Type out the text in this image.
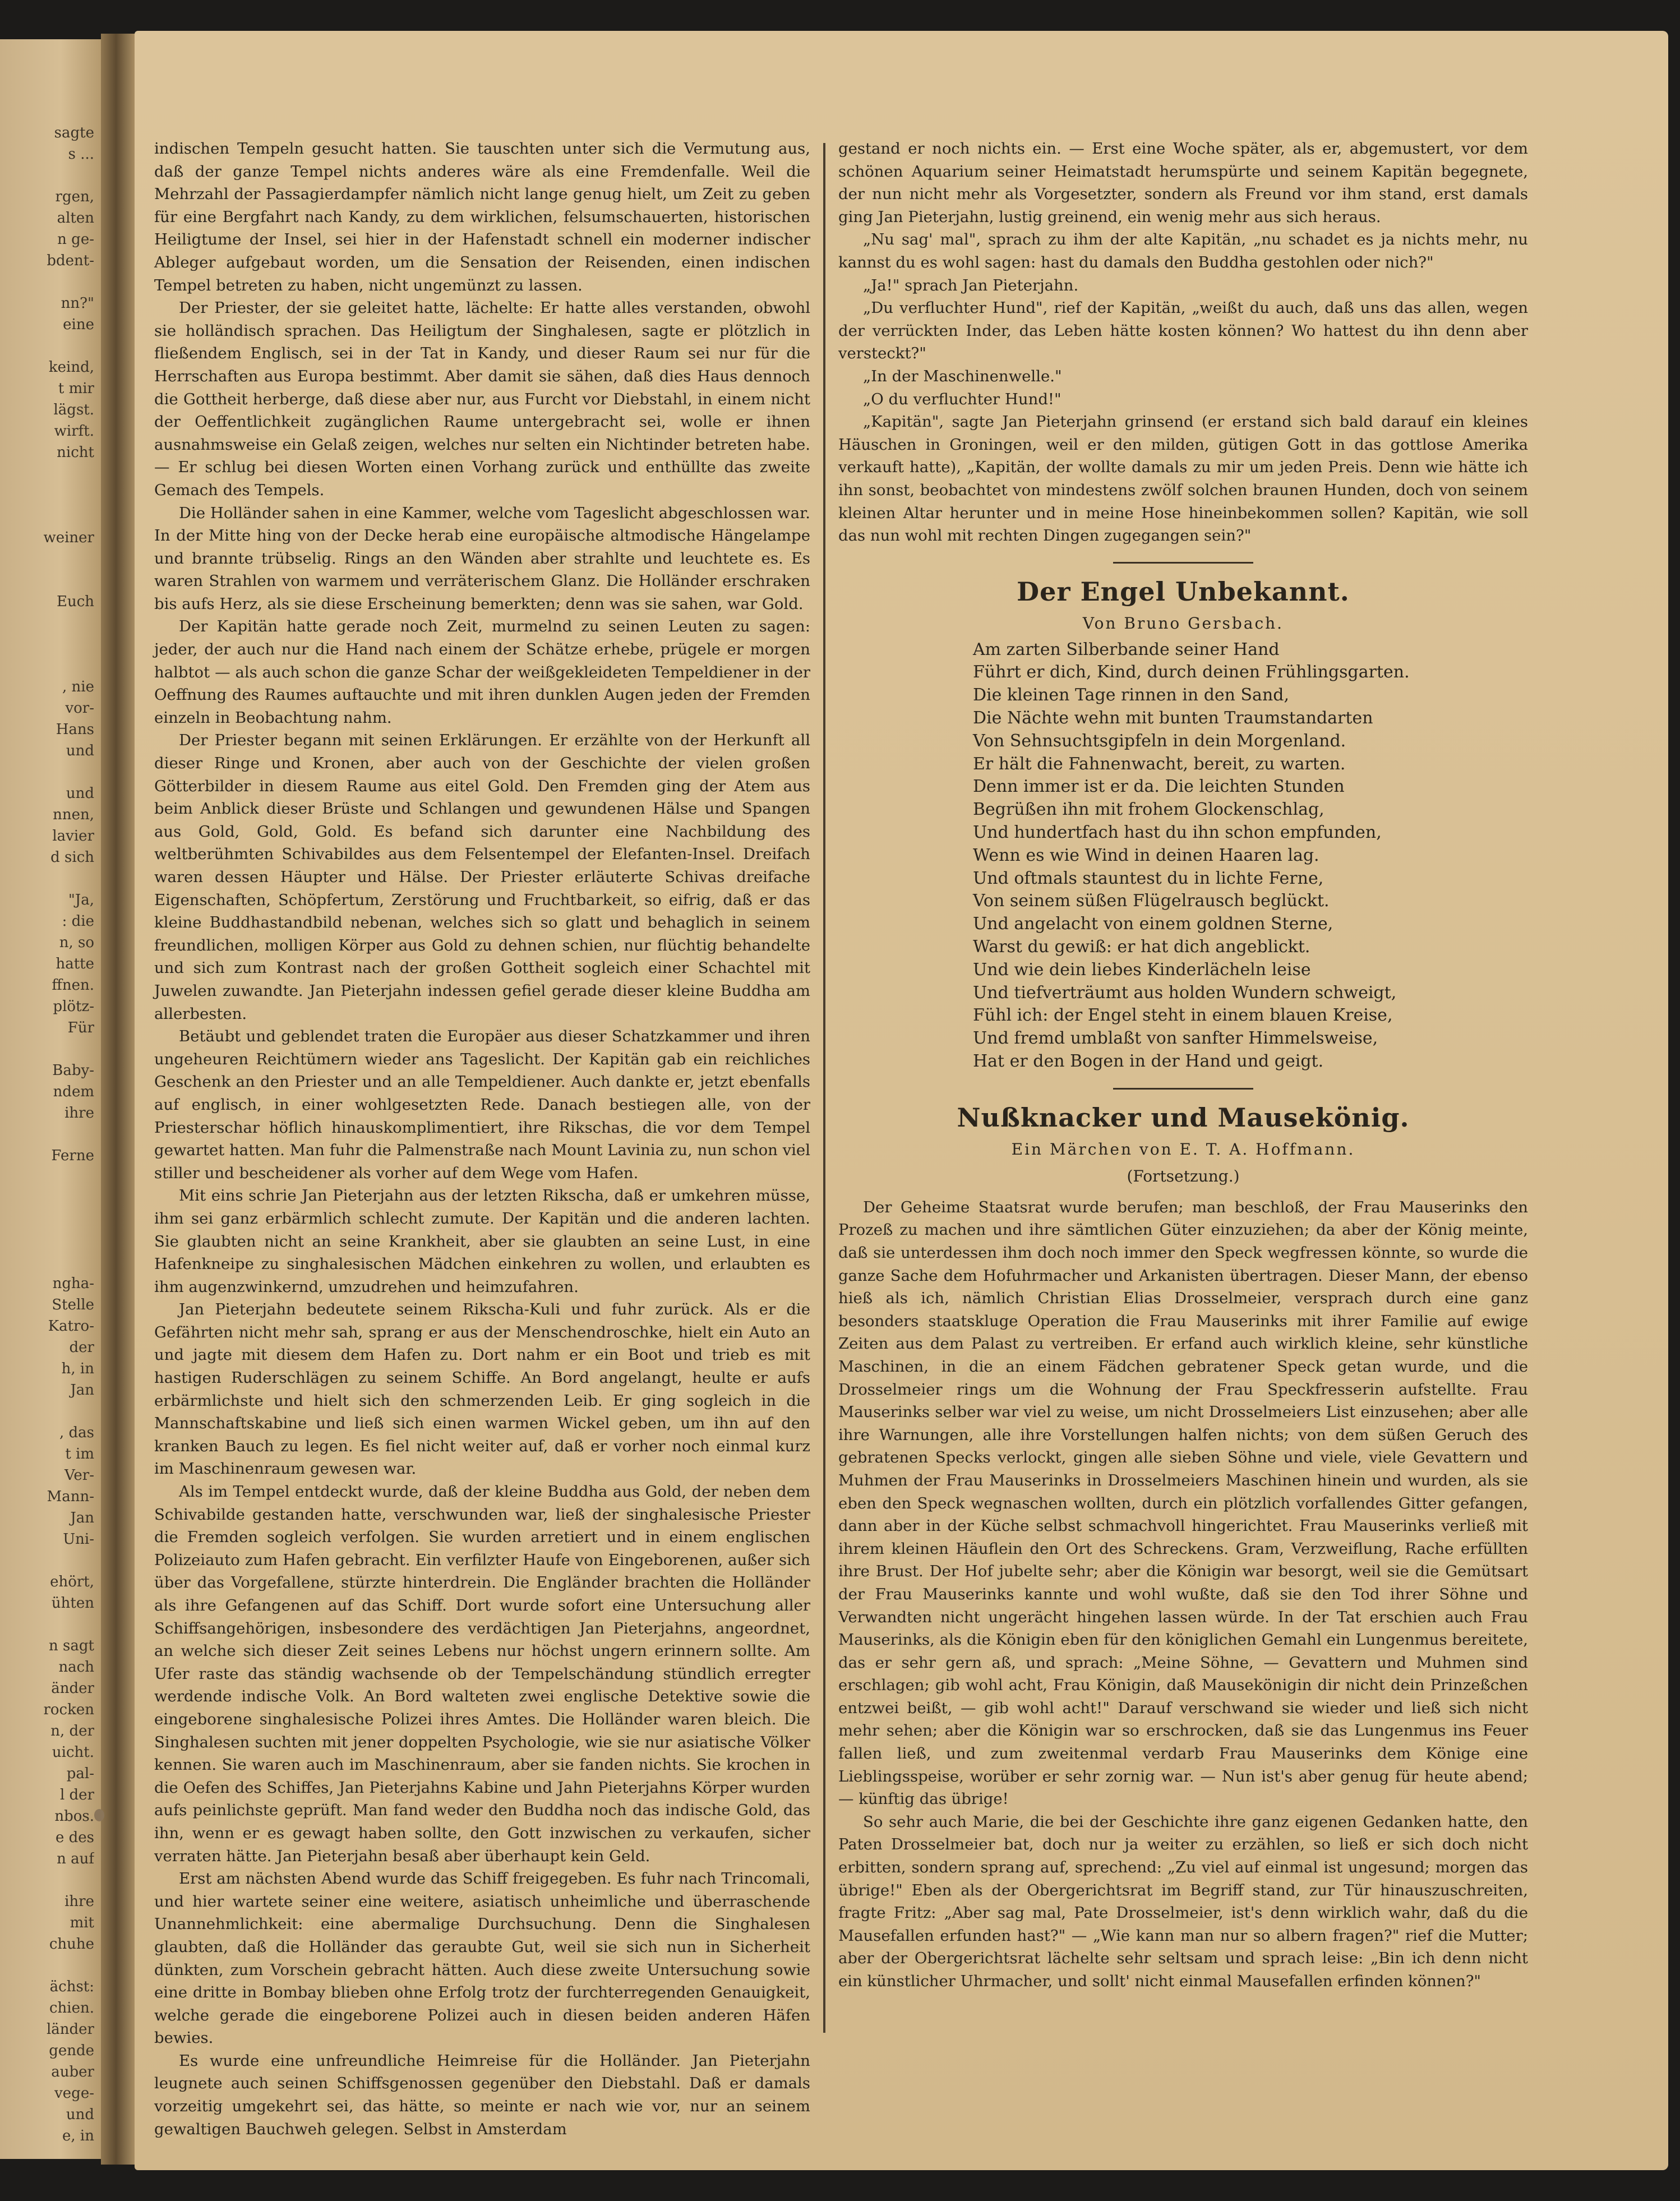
sagte
s ...
rgen,
alten
n ge-
bdent-
nn?"
eine
keind,
t mir
lägst.
wirft.
nicht
weiner
Euch
, nie
vor-
Hans
und
und
nnen,
lavier
d sich
"Ja,
: die
n, so
hatte
ffnen.
plötz-
Für
Baby-
ndem
ihre
Ferne
ngha-
Stelle
Katro-
der
h, in
Jan
, das
t im
Ver-
Mann-
Jan
Uni-
ehört,
ühten
n sagt
nach
änder
rocken
n, der
uicht.
pal-
l der
nbos.
e des
n auf
ihre
mit
chuhe
ächst:
chien.
länder
gende
auber
vege-
und
e, in

indischen Tempeln gesucht hatten. Sie tauschten unter sich die Vermutung aus, daß der ganze Tempel nichts anderes wäre als eine Fremdenfalle. Weil die Mehrzahl der Passagierdampfer nämlich nicht lange genug hielt, um Zeit zu geben für eine Bergfahrt nach Kandy, zu dem wirklichen, felsumschauerten, historischen Heiligtume der Insel, sei hier in der Hafenstadt schnell ein moderner indischer Ableger aufgebaut worden, um die Sensation der Reisenden, einen indischen Tempel betreten zu haben, nicht ungemünzt zu lassen.

Der Priester, der sie geleitet hatte, lächelte: Er hatte alles verstanden, obwohl sie holländisch sprachen. Das Heiligtum der Singhalesen, sagte er plötzlich in fließendem Englisch, sei in der Tat in Kandy, und dieser Raum sei nur für die Herrschaften aus Europa bestimmt. Aber damit sie sähen, daß dies Haus dennoch die Gottheit herberge, daß diese aber nur, aus Furcht vor Diebstahl, in einem nicht der Oeffentlichkeit zugänglichen Raume untergebracht sei, wolle er ihnen ausnahmsweise ein Gelaß zeigen, welches nur selten ein Nichtinder betreten habe. — Er schlug bei diesen Worten einen Vorhang zurück und enthüllte das zweite Gemach des Tempels.

Die Holländer sahen in eine Kammer, welche vom Tageslicht abgeschlossen war. In der Mitte hing von der Decke herab eine europäische altmodische Hängelampe und brannte trübselig. Rings an den Wänden aber strahlte und leuchtete es. Es waren Strahlen von warmem und verräterischem Glanz. Die Holländer erschraken bis aufs Herz, als sie diese Erscheinung bemerkten; denn was sie sahen, war Gold.

Der Kapitän hatte gerade noch Zeit, murmelnd zu seinen Leuten zu sagen: jeder, der auch nur die Hand nach einem der Schätze erhebe, prügele er morgen halbtot — als auch schon die ganze Schar der weißgekleideten Tempeldiener in der Oeffnung des Raumes auftauchte und mit ihren dunklen Augen jeden der Fremden einzeln in Beobachtung nahm.

Der Priester begann mit seinen Erklärungen. Er erzählte von der Herkunft all dieser Ringe und Kronen, aber auch von der Geschichte der vielen großen Götterbilder in diesem Raume aus eitel Gold. Den Fremden ging der Atem aus beim Anblick dieser Brüste und Schlangen und gewundenen Hälse und Spangen aus Gold, Gold, Gold. Es befand sich darunter eine Nachbildung des weltberühmten Schivabildes aus dem Felsentempel der Elefanten-Insel. Dreifach waren dessen Häupter und Hälse. Der Priester erläuterte Schivas dreifache Eigenschaften, Schöpfertum, Zerstörung und Fruchtbarkeit, so eifrig, daß er das kleine Buddhastandbild nebenan, welches sich so glatt und behaglich in seinem freundlichen, molligen Körper aus Gold zu dehnen schien, nur flüchtig behandelte und sich zum Kontrast nach der großen Gottheit sogleich einer Schachtel mit Juwelen zuwandte. Jan Pieterjahn indessen gefiel gerade dieser kleine Buddha am allerbesten.

Betäubt und geblendet traten die Europäer aus dieser Schatzkammer und ihren ungeheuren Reichtümern wieder ans Tageslicht. Der Kapitän gab ein reichliches Geschenk an den Priester und an alle Tempeldiener. Auch dankte er, jetzt ebenfalls auf englisch, in einer wohlgesetzten Rede. Danach bestiegen alle, von der Priesterschar höflich hinauskomplimentiert, ihre Rikschas, die vor dem Tempel gewartet hatten. Man fuhr die Palmenstraße nach Mount Lavinia zu, nun schon viel stiller und bescheidener als vorher auf dem Wege vom Hafen.

Mit eins schrie Jan Pieterjahn aus der letzten Rikscha, daß er umkehren müsse, ihm sei ganz erbärmlich schlecht zumute. Der Kapitän und die anderen lachten. Sie glaubten nicht an seine Krankheit, aber sie glaubten an seine Lust, in eine Hafenkneipe zu singhalesischen Mädchen einkehren zu wollen, und erlaubten es ihm augenzwinkernd, umzudrehen und heimzufahren.

Jan Pieterjahn bedeutete seinem Rikscha-Kuli und fuhr zurück. Als er die Gefährten nicht mehr sah, sprang er aus der Menschendroschke, hielt ein Auto an und jagte mit diesem dem Hafen zu. Dort nahm er ein Boot und trieb es mit hastigen Ruderschlägen zu seinem Schiffe. An Bord angelangt, heulte er aufs erbärmlichste und hielt sich den schmerzenden Leib. Er ging sogleich in die Mannschaftskabine und ließ sich einen warmen Wickel geben, um ihn auf den kranken Bauch zu legen. Es fiel nicht weiter auf, daß er vorher noch einmal kurz im Maschinenraum gewesen war.

Als im Tempel entdeckt wurde, daß der kleine Buddha aus Gold, der neben dem Schivabilde gestanden hatte, verschwunden war, ließ der singhalesische Priester die Fremden sogleich verfolgen. Sie wurden arretiert und in einem englischen Polizeiauto zum Hafen gebracht. Ein verfilzter Haufe von Eingeborenen, außer sich über das Vorgefallene, stürzte hinterdrein. Die Engländer brachten die Holländer als ihre Gefangenen auf das Schiff. Dort wurde sofort eine Untersuchung aller Schiffsangehörigen, insbesondere des verdächtigen Jan Pieterjahns, angeordnet, an welche sich dieser Zeit seines Lebens nur höchst ungern erinnern sollte. Am Ufer raste das ständig wachsende ob der Tempelschändung stündlich erregter werdende indische Volk. An Bord walteten zwei englische Detektive sowie die eingeborene singhalesische Polizei ihres Amtes. Die Holländer waren bleich. Die Singhalesen suchten mit jener doppelten Psychologie, wie sie nur asiatische Völker kennen. Sie waren auch im Maschinenraum, aber sie fanden nichts. Sie krochen in die Oefen des Schiffes, Jan Pieterjahns Kabine und Jahn Pieterjahns Körper wurden aufs peinlichste geprüft. Man fand weder den Buddha noch das indische Gold, das ihn, wenn er es gewagt haben sollte, den Gott inzwischen zu verkaufen, sicher verraten hätte. Jan Pieterjahn besaß aber überhaupt kein Geld.

Erst am nächsten Abend wurde das Schiff freigegeben. Es fuhr nach Trincomali, und hier wartete seiner eine weitere, asiatisch unheimliche und überraschende Unannehmlichkeit: eine abermalige Durchsuchung. Denn die Singhalesen glaubten, daß die Holländer das geraubte Gut, weil sie sich nun in Sicherheit dünkten, zum Vorschein gebracht hätten. Auch diese zweite Untersuchung sowie eine dritte in Bombay blieben ohne Erfolg trotz der furchterregenden Genauigkeit, welche gerade die eingeborene Polizei auch in diesen beiden anderen Häfen bewies.

Es wurde eine unfreundliche Heimreise für die Holländer. Jan Pieterjahn leugnete auch seinen Schiffsgenossen gegenüber den Diebstahl. Daß er damals vorzeitig umgekehrt sei, das hätte, so meinte er nach wie vor, nur an seinem gewaltigen Bauchweh gelegen. Selbst in Amsterdam

gestand er noch nichts ein. — Erst eine Woche später, als er, abgemustert, vor dem schönen Aquarium seiner Heimatstadt herumspürte und seinem Kapitän begegnete, der nun nicht mehr als Vorgesetzter, sondern als Freund vor ihm stand, erst damals ging Jan Pieterjahn, lustig greinend, ein wenig mehr aus sich heraus.

„Nu sag' mal", sprach zu ihm der alte Kapitän, „nu schadet es ja nichts mehr, nu kannst du es wohl sagen: hast du damals den Buddha gestohlen oder nich?"

„Ja!" sprach Jan Pieterjahn.

„Du verfluchter Hund", rief der Kapitän, „weißt du auch, daß uns das allen, wegen der verrückten Inder, das Leben hätte kosten können? Wo hattest du ihn denn aber versteckt?"

„In der Maschinenwelle."

„O du verfluchter Hund!"

„Kapitän", sagte Jan Pieterjahn grinsend (er erstand sich bald darauf ein kleines Häuschen in Groningen, weil er den milden, gütigen Gott in das gottlose Amerika verkauft hatte), „Kapitän, der wollte damals zu mir um jeden Preis. Denn wie hätte ich ihn sonst, beobachtet von mindestens zwölf solchen braunen Hunden, doch von seinem kleinen Altar herunter und in meine Hose hineinbekommen sollen? Kapitän, wie soll das nun wohl mit rechten Dingen zugegangen sein?"

Der Engel Unbekannt.
Von Bruno Gersbach.
Am zarten Silberbande seiner Hand
Führt er dich, Kind, durch deinen Frühlingsgarten.
Die kleinen Tage rinnen in den Sand,
Die Nächte wehn mit bunten Traumstandarten
Von Sehnsuchtsgipfeln in dein Morgenland.
Er hält die Fahnenwacht, bereit, zu warten.
Denn immer ist er da. Die leichten Stunden
Begrüßen ihn mit frohem Glockenschlag,
Und hundertfach hast du ihn schon empfunden,
Wenn es wie Wind in deinen Haaren lag.
Und oftmals stauntest du in lichte Ferne,
Von seinem süßen Flügelrausch beglückt.
Und angelacht von einem goldnen Sterne,
Warst du gewiß: er hat dich angeblickt.
Und wie dein liebes Kinderlächeln leise
Und tiefverträumt aus holden Wundern schweigt,
Fühl ich: der Engel steht in einem blauen Kreise,
Und fremd umblaßt von sanfter Himmelsweise,
Hat er den Bogen in der Hand und geigt.
Nußknacker und Mausekönig.
Ein Märchen von E. T. A. Hoffmann.
(Fortsetzung.)

Der Geheime Staatsrat wurde berufen; man beschloß, der Frau Mauserinks den Prozeß zu machen und ihre sämtlichen Güter einzuziehen; da aber der König meinte, daß sie unterdessen ihm doch noch immer den Speck wegfressen könnte, so wurde die ganze Sache dem Hofuhrmacher und Arkanisten übertragen. Dieser Mann, der ebenso hieß als ich, nämlich Christian Elias Drosselmeier, versprach durch eine ganz besonders staatskluge Operation die Frau Mauserinks mit ihrer Familie auf ewige Zeiten aus dem Palast zu vertreiben. Er erfand auch wirklich kleine, sehr künstliche Maschinen, in die an einem Fädchen gebratener Speck getan wurde, und die Drosselmeier rings um die Wohnung der Frau Speckfresserin aufstellte. Frau Mauserinks selber war viel zu weise, um nicht Drosselmeiers List einzusehen; aber alle ihre Warnungen, alle ihre Vorstellungen halfen nichts; von dem süßen Geruch des gebratenen Specks verlockt, gingen alle sieben Söhne und viele, viele Gevattern und Muhmen der Frau Mauserinks in Drosselmeiers Maschinen hinein und wurden, als sie eben den Speck wegnaschen wollten, durch ein plötzlich vorfallendes Gitter gefangen, dann aber in der Küche selbst schmachvoll hingerichtet. Frau Mauserinks verließ mit ihrem kleinen Häuflein den Ort des Schreckens. Gram, Verzweiflung, Rache erfüllten ihre Brust. Der Hof jubelte sehr; aber die Königin war besorgt, weil sie die Gemütsart der Frau Mauserinks kannte und wohl wußte, daß sie den Tod ihrer Söhne und Verwandten nicht ungerächt hingehen lassen würde. In der Tat erschien auch Frau Mauserinks, als die Königin eben für den königlichen Gemahl ein Lungenmus bereitete, das er sehr gern aß, und sprach: „Meine Söhne, — Gevattern und Muhmen sind erschlagen; gib wohl acht, Frau Königin, daß Mausekönigin dir nicht dein Prinzeßchen entzwei beißt, — gib wohl acht!" Darauf verschwand sie wieder und ließ sich nicht mehr sehen; aber die Königin war so erschrocken, daß sie das Lungenmus ins Feuer fallen ließ, und zum zweitenmal verdarb Frau Mauserinks dem Könige eine Lieblingsspeise, worüber er sehr zornig war. — Nun ist's aber genug für heute abend; — künftig das übrige!

So sehr auch Marie, die bei der Geschichte ihre ganz eigenen Gedanken hatte, den Paten Drosselmeier bat, doch nur ja weiter zu erzählen, so ließ er sich doch nicht erbitten, sondern sprang auf, sprechend: „Zu viel auf einmal ist ungesund; morgen das übrige!" Eben als der Obergerichtsrat im Begriff stand, zur Tür hinauszuschreiten, fragte Fritz: „Aber sag mal, Pate Drosselmeier, ist's denn wirklich wahr, daß du die Mausefallen erfunden hast?" — „Wie kann man nur so albern fragen?" rief die Mutter; aber der Obergerichtsrat lächelte sehr seltsam und sprach leise: „Bin ich denn nicht ein künstlicher Uhrmacher, und sollt' nicht einmal Mausefallen erfinden können?"
